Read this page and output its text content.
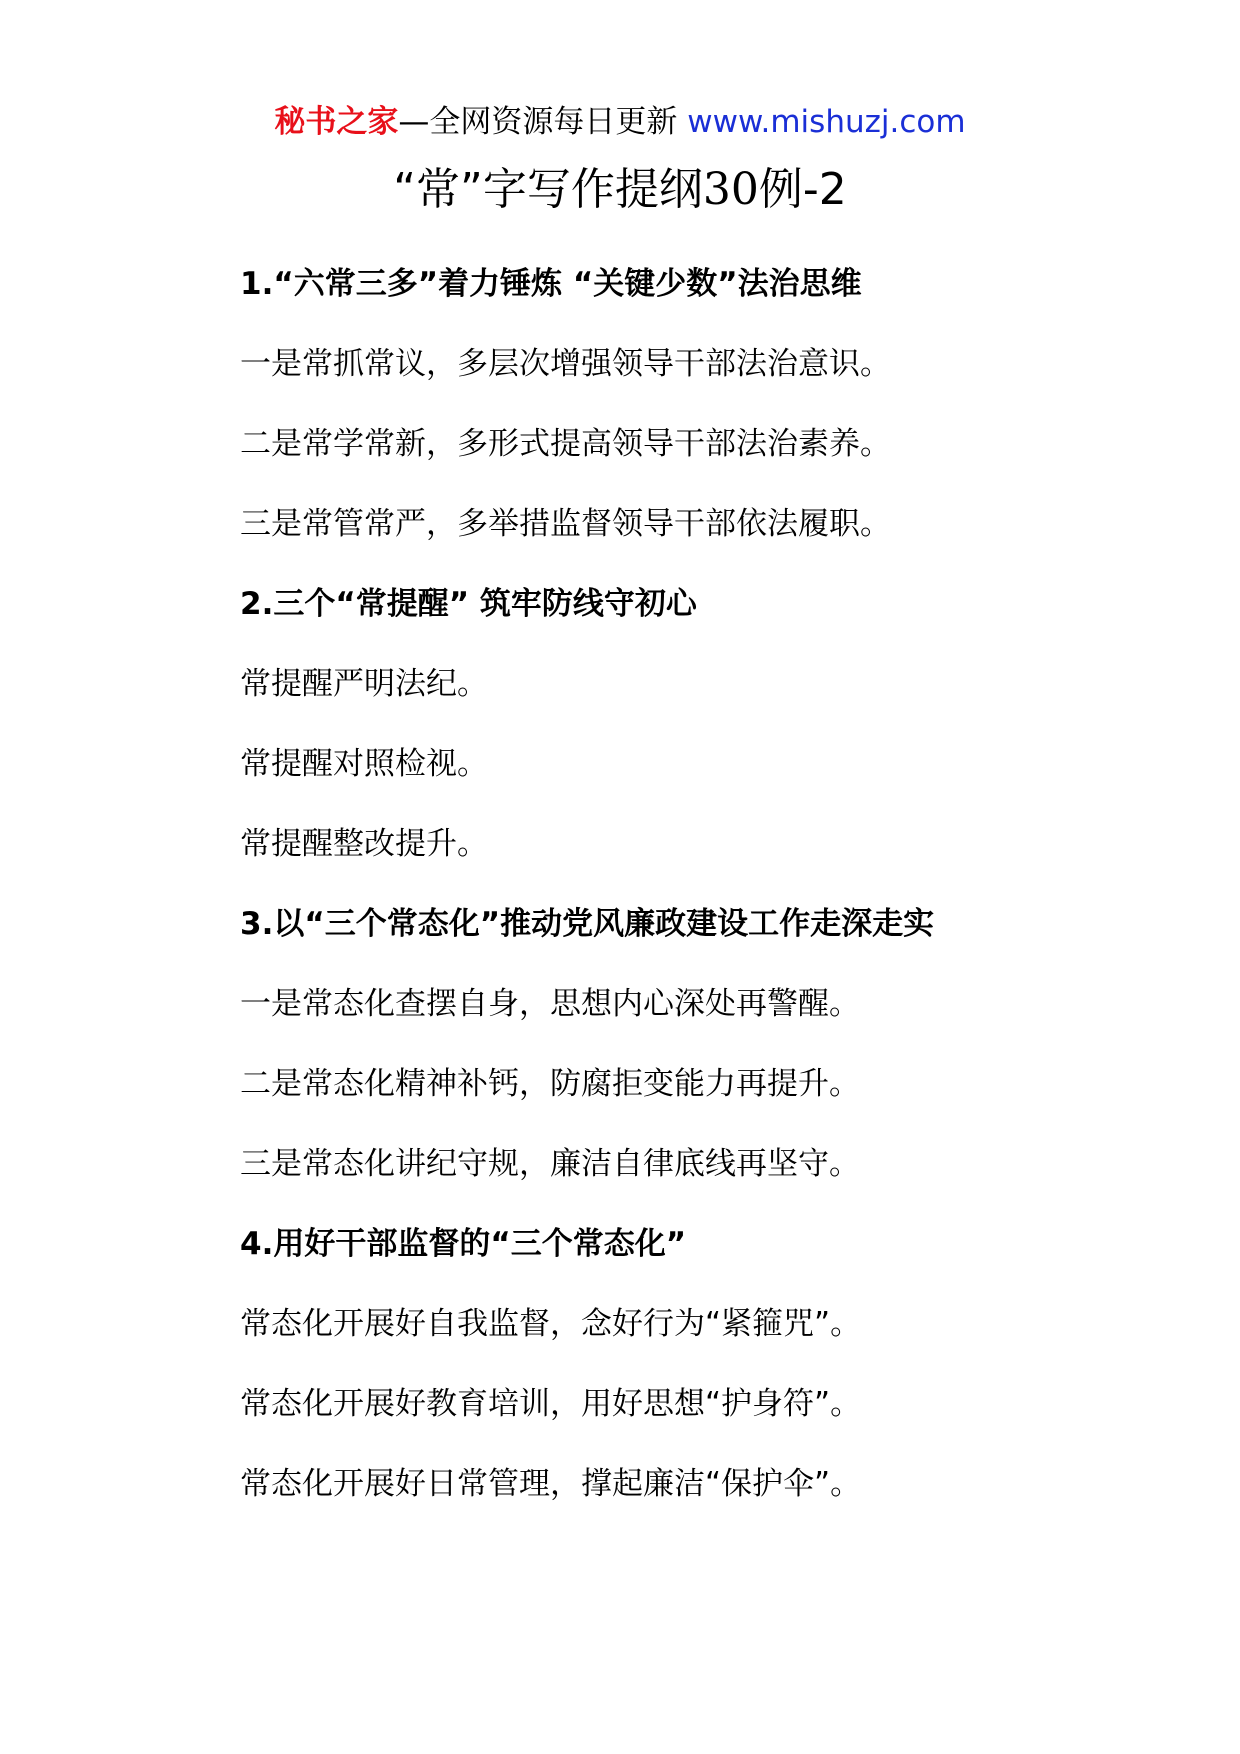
秘书之家—全网资源每日更新 www.mishuzj.com
“常”字写作提纲30例-2
1.“六常三多”着力锤炼 “关键少数”法治思维
一是常抓常议，多层次增强领导干部法治意识。
二是常学常新，多形式提高领导干部法治素养。
三是常管常严，多举措监督领导干部依法履职。
2.三个“常提醒” 筑牢防线守初心
常提醒严明法纪。
常提醒对照检视。
常提醒整改提升。
3.以“三个常态化”推动党风廉政建设工作走深走实
一是常态化查摆自身，思想内心深处再警醒。
二是常态化精神补钙，防腐拒变能力再提升。
三是常态化讲纪守规，廉洁自律底线再坚守。
4.用好干部监督的“三个常态化”
常态化开展好自我监督，念好行为“紧箍咒”。
常态化开展好教育培训，用好思想“护身符”。
常态化开展好日常管理，撑起廉洁“保护伞”。
